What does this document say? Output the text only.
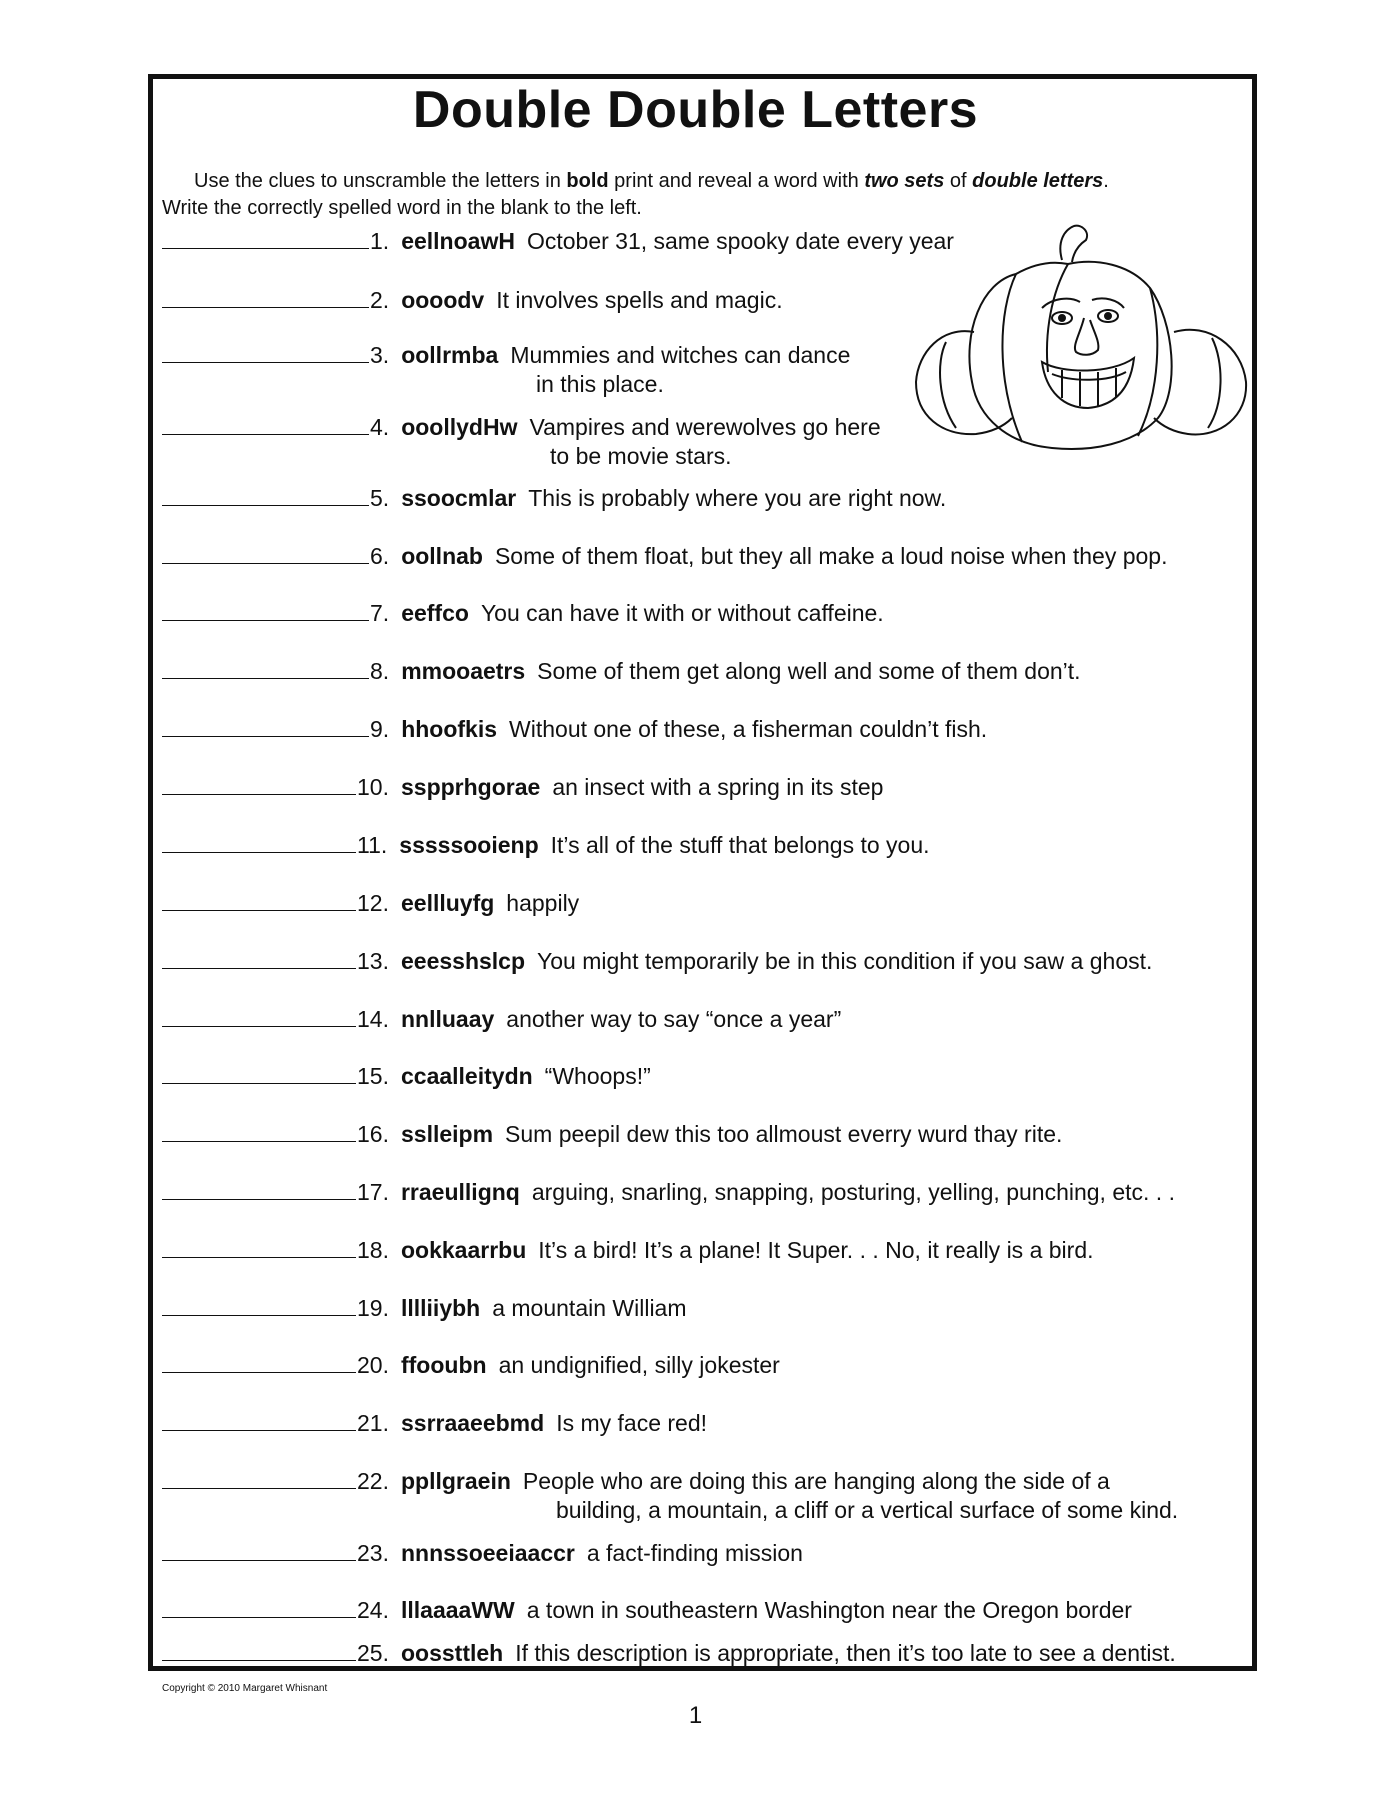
Double Double Letters
Use the clues to unscramble the letters in bold print and reveal a word with two sets of double letters.
Write the correctly spelled word in the blank to the left.
1. eellnoawH October 31, same spooky date every year
2. oooodv It involves spells and magic.
3. oollrmba Mummies and witches can dance
in this place.
4. ooollydHw Vampires and werewolves go here
to be movie stars.
5. ssoocmlar This is probably where you are right now.
6. oollnab Some of them float, but they all make a loud noise when they pop.
7. eeffco You can have it with or without caffeine.
8. mmooaetrs Some of them get along well and some of them don’t.
9. hhoofkis Without one of these, a fisherman couldn’t fish.
10. sspprhgorae an insect with a spring in its step
11. sssssooienp It’s all of the stuff that belongs to you.
12. eellluyfg happily
13. eeesshslcp You might temporarily be in this condition if you saw a ghost.
14. nnlluaay another way to say “once a year”
15. ccaalleitydn “Whoops!”
16. sslleipm Sum peepil dew this too allmoust everry wurd thay rite.
17. rraeullignq arguing, snarling, snapping, posturing, yelling, punching, etc. . .
18. ookkaarrbu It’s a bird! It’s a plane! It Super. . . No, it really is a bird.
19. lllliiybh a mountain William
20. ffooubn an undignified, silly jokester
21. ssrraaeebmd Is my face red!
22. ppllgraein People who are doing this are hanging along the side of a
building, a mountain, a cliff or a vertical surface of some kind.
23. nnnssoeeiaaccr a fact-finding mission
24. lllaaaaWW a town in southeastern Washington near the Oregon border
25. oossttleh If this description is appropriate, then it’s too late to see a dentist.
Copyright © 2010 Margaret Whisnant
1
